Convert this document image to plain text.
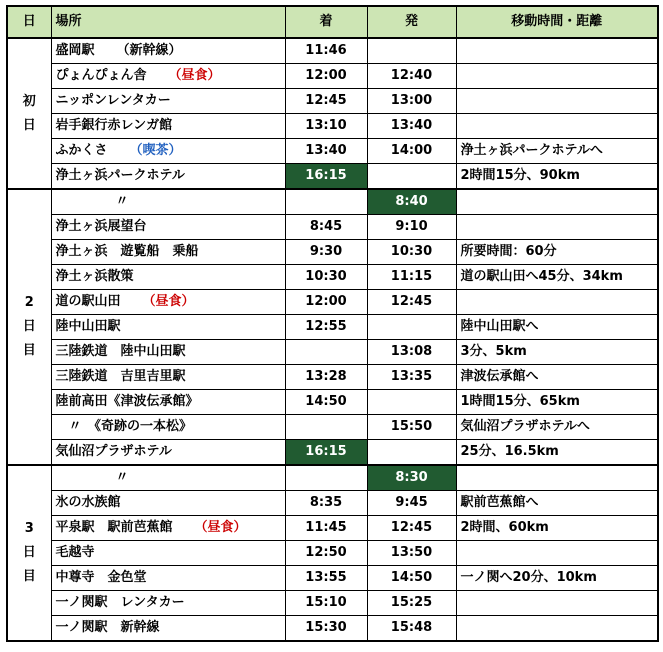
日	場所	着	発	移動時間・距離

初
日	盛岡駅 （新幹線）	11:46		
	ぴょんぴょん舎 （昼食）	12:00	12:40	
	ニッポンレンタカー	12:45	13:00	
	岩手銀行赤レンガ館	13:10	13:40	
	ふかくさ （喫茶）	13:40	14:00	浄土ヶ浜パークホテルへ
	浄土ヶ浜パークホテル	16:15		2時間15分、90km

2
日
目	〃		8:40	
	浄土ヶ浜展望台	8:45	9:10	
	浄土ヶ浜　遊覧船　乗船	9:30	10:30	所要時間：60分
	浄土ヶ浜散策	10:30	11:15	道の駅山田へ45分、34km
	道の駅山田 （昼食）	12:00	12:45	
	陸中山田駅	12:55		陸中山田駅へ
	三陸鉄道　陸中山田駅		13:08	3分、5km
	三陸鉄道　吉里吉里駅	13:28	13:35	津波伝承館へ
	陸前高田《津波伝承館》	14:50		1時間15分、65km
	　〃　《奇跡の一本松》		15:50	気仙沼プラザホテルへ
	気仙沼プラザホテル	16:15		25分、16.5km

3
日
目	〃		8:30	
	氷の水族館	8:35	9:45	駅前芭蕉館へ
	平泉駅　駅前芭蕉館 （昼食）	11:45	12:45	2時間、60km
	毛越寺	12:50	13:50	
	中尊寺　金色堂	13:55	14:50	一ノ関へ20分、10km
	一ノ関駅　レンタカー	15:10	15:25	
	一ノ関駅　新幹線	15:30	15:48	
